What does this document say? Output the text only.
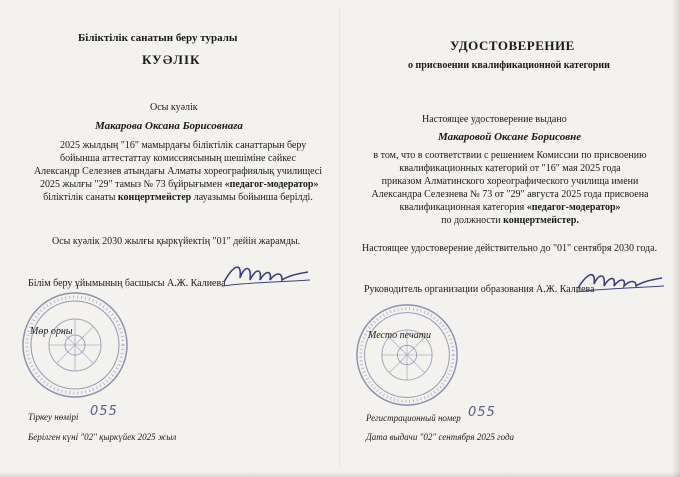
Біліктілік санатын беру туралы
КУӘЛІК
Осы куәлік
Макарова Оксана Борисовнаға
2025 жылдың "16" мамырдағы біліктілік санаттарын беру
бойынша аттестаттау комиссиясының шешіміне сәйкес
Александр Селезнев атындағы Алматы хореографиялық училищесі
2025 жылғы "29" тамыз № 73 бұйрығымен «педагог-модератор»
біліктілік санаты концертмейстер лауазымы бойынша берілді.
Осы куәлік 2030 жылғы қыркүйектің "01" дейін жарамды.
Білім беру ұйымының басшысы А.Ж. Калиева
Мөр орны
Тіркеу нөмірі 055
Берілген күні "02" қыркүйек 2025 жыл
УДОСТОВЕРЕНИЕ
о присвоении квалификационной категории
Настоящее удостоверение выдано
Макаровой Оксане Борисовне
в том, что в соответствии с решением Комиссии по присвоению
квалификационных категорий от "16" мая 2025 года
приказом Алматинского хореографического училища имени
Александра Селезнева № 73 от "29" августа 2025 года присвоена
квалификационная категория «педагог-модератор»
по должности концертмейстер.
Настоящее удостоверение действительно до "01" сентября 2030 года.
Руководитель организации образования А.Ж. Калиева
Место печати
Регистрационный номер 055
Дата выдачи "02" сентября 2025 года
